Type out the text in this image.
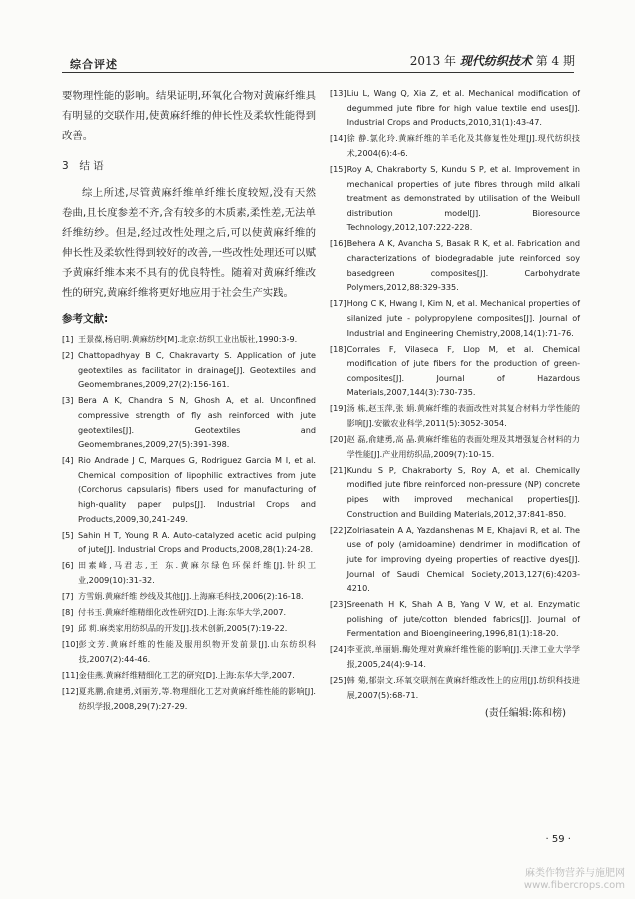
综合评述	2013 年 现代纺织技术 第 4 期

要物理性能的影响。结果证明,环氧化合物对黄麻纤维具有明显的交联作用,使黄麻纤维的伸长性及柔软性能得到改善。

3 结 语

综上所述,尽管黄麻纤维单纤维长度较短,没有天然卷曲,且长度参差不齐,含有较多的木质素,柔性差,无法单纤维纺纱。但是,经过改性处理之后,可以使黄麻纤维的伸长性及柔软性得到较好的改善,一些改性处理还可以赋予黄麻纤维本来不具有的优良特性。随着对黄麻纤维改性的研究,黄麻纤维将更好地应用于社会生产实践。

参考文献:
[1] 王景葆,杨启明.黄麻纺纱[M].北京:纺织工业出版社,1990:3-9.
[2] Chattopadhyay B C, Chakravarty S. Application of jute geotextiles as facilitator in drainage[J]. Geotextiles and Geomembranes,2009,27(2):156-161.
[3] Bera A K, Chandra S N, Ghosh A, et al. Unconfined compressive strength of fly ash reinforced with jute geotextiles[J]. Geotextiles and Geomembranes,2009,27(5):391-398.
[4] Rio Andrade J C, Marques G, Rodriguez Garcia M I, et al. Chemical composition of lipophilic extractives from jute (Corchorus capsularis) fibers used for manufacturing of high-quality paper pulps[J]. Industrial Crops and Products,2009,30,241-249.
[5] Sahin H T, Young R A. Auto-catalyzed acetic acid pulping of jute[J]. Industrial Crops and Products,2008,28(1):24-28.
[6] 田素峰,马君志,王 东.黄麻尔绿色环保纤维[J].针织工业,2009(10):31-32.
[7] 方雪娟.黄麻纤维 纱线及其他[J].上海麻毛科技,2006(2):16-18.
[8] 付书玉.黄麻纤维精细化改性研究[D].上海:东华大学,2007.
[9] 邱 莉.麻类家用纺织品的开发[J].技术创新,2005(7):19-22.
[10] 彭文芳.黄麻纤维的性能及服用织物开发前景[J].山东纺织科技,2007(2):44-46.
[11] 金佳燕.黄麻纤维精细化工艺的研究[D].上海:东华大学,2007.
[12] 夏兆鹏,俞建勇,刘丽芳,等.物理细化工艺对黄麻纤维性能的影响[J].纺织学报,2008,29(7):27-29.
[13] Liu L, Wang Q, Xia Z, et al. Mechanical modification of degummed jute fibre for high value textile end uses[J]. Industrial Crops and Products,2010,31(1):43-47.
[14] 徐 静.氯化玲.黄麻纤维的羊毛化及其修复性处理[J].现代纺织技术,2004(6):4-6.
[15] Roy A, Chakraborty S, Kundu S P, et al. Improvement in mechanical properties of jute fibres through mild alkali treatment as demonstrated by utilisation of the Weibull distribution model[J]. Bioresource Technology,2012,107:222-228.
[16] Behera A K, Avancha S, Basak R K, et al. Fabrication and characterizations of biodegradable jute reinforced soy basedgreen composites[J]. Carbohydrate Polymers,2012,88:329-335.
[17] Hong C K, Hwang I, Kim N, et al. Mechanical properties of silanized jute - polypropylene composites[J]. Journal of Industrial and Engineering Chemistry,2008,14(1):71-76.
[18] Corrales F, Vilaseca F, Llop M, et al. Chemical modification of jute fibers for the production of green-composites[J]. Journal of Hazardous Materials,2007,144(3):730-735.
[19] 汤 栋,赵玉萍,张 娟.黄麻纤维的表面改性对其复合材料力学性能的影响[J].安徽农业科学,2011(5):3052-3054.
[20] 赵 磊,俞建勇,高 晶.黄麻纤维毡的表面处理及其增强复合材料的力学性能[J].产业用纺织品,2009(7):10-15.
[21] Kundu S P, Chakraborty S, Roy A, et al. Chemically modified jute fibre reinforced non-pressure (NP) concrete pipes with improved mechanical properties[J]. Construction and Building Materials,2012,37:841-850.
[22] Zolriasatein A A, Yazdanshenas M E, Khajavi R, et al. The use of poly (amidoamine) dendrimer in modification of jute for improving dyeing properties of reactive dyes[J]. Journal of Saudi Chemical Society,2013,127(6):4203-4210.
[23] Sreenath H K, Shah A B, Yang V W, et al. Enzymatic polishing of jute/cotton blended fabrics[J]. Journal of Fermentation and Bioengineering,1996,81(1):18-20.
[24] 李亚滨,单丽娟.酶处理对黄麻纤维性能的影响[J].天津工业大学学报,2005,24(4):9-14.
[25] 韩 菊,郁崇文.环氧交联剂在黄麻纤维改性上的应用[J].纺织科技进展,2007(5):68-71.
(责任编辑:陈和榜)
· 59 ·
麻类作物营养与施肥网
www.fibercrops.com
